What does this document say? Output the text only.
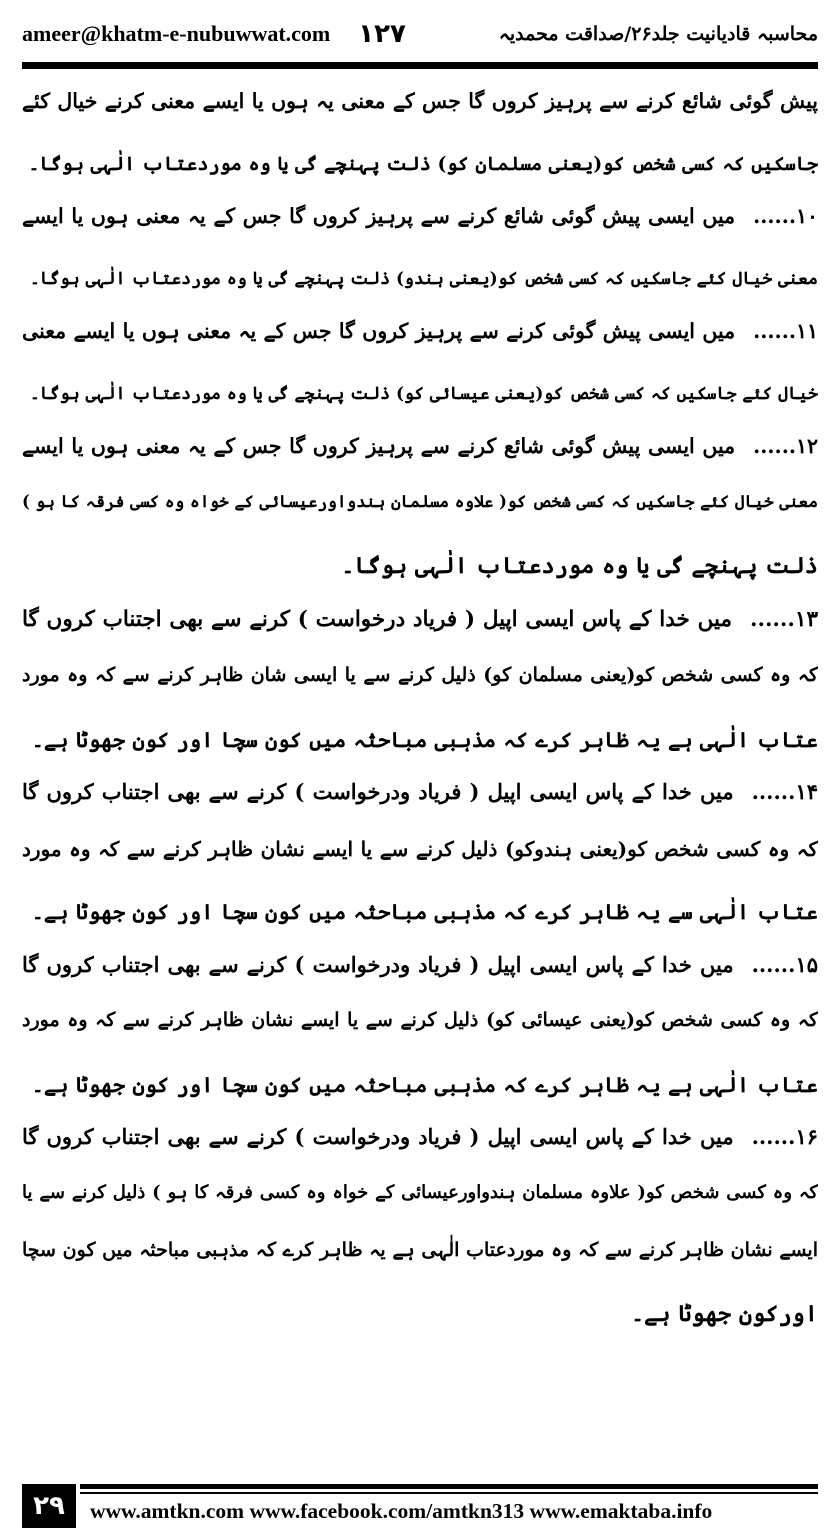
ameer@khatm-e-nubuwwat.com ۱۲۷	محاسبہ قادیانیت جلد۲۶/صداقت محمدیہ
پیش گوئی شائع کرنے سے پرہیز کروں گا جس کے معنی یہ ہوں یا ایسے معنی کرنے خیال کئے
جاسکیں کہ کسی شخص کو(یعنی مسلمان کو) ذلت پہنچے گی یا وہ موردعتاب الٰہی ہوگا۔
۱۰......میں ایسی پیش گوئی شائع کرنے سے پرہیز کروں گا جس کے یہ معنی ہوں یا ایسے
معنی خیال کئے جاسکیں کہ کسی شخص کو(یعنی ہندو) ذلت پہنچے گی یا وہ موردعتاب الٰہی ہوگا۔
۱۱......میں ایسی پیش گوئی کرنے سے پرہیز کروں گا جس کے یہ معنی ہوں یا ایسے معنی
خیال کئے جاسکیں کہ کسی شخص کو(یعنی عیسائی کو) ذلت پہنچے گی یا وہ موردعتاب الٰہی ہوگا۔
۱۲......میں ایسی پیش گوئی شائع کرنے سے پرہیز کروں گا جس کے یہ معنی ہوں یا ایسے
معنی خیال کئے جاسکیں کہ کسی شخص کو( علاوہ مسلمان ہندواورعیسائی کے خواہ وہ کسی فرقہ کا ہو )
ذلت پہنچے گی یا وہ موردعتاب الٰہی ہوگا۔
۱۳......میں خدا کے پاس ایسی اپیل ( فریاد درخواست ) کرنے سے بھی اجتناب کروں گا
کہ وہ کسی شخص کو(یعنی مسلمان کو) ذلیل کرنے سے یا ایسی شان ظاہر کرنے سے کہ وہ مورد
عتاب الٰہی ہے یہ ظاہر کرے کہ مذہبی مباحثہ میں کون سچا اور کون جھوٹا ہے۔
۱۴......میں خدا کے پاس ایسی اپیل ( فریاد ودرخواست ) کرنے سے بھی اجتناب کروں گا
کہ وہ کسی شخص کو(یعنی ہندوکو) ذلیل کرنے سے یا ایسے نشان ظاہر کرنے سے کہ وہ مورد
عتاب الٰہی سے یہ ظاہر کرے کہ مذہبی مباحثہ میں کون سچا اور کون جھوٹا ہے۔
۱۵......میں خدا کے پاس ایسی اپیل ( فریاد ودرخواست ) کرنے سے بھی اجتناب کروں گا
کہ وہ کسی شخص کو(یعنی عیسائی کو) ذلیل کرنے سے یا ایسے نشان ظاہر کرنے سے کہ وہ مورد
عتاب الٰہی ہے یہ ظاہر کرے کہ مذہبی مباحثہ میں کون سچا اور کون جھوٹا ہے۔
۱۶......میں خدا کے پاس ایسی اپیل ( فریاد ودرخواست ) کرنے سے بھی اجتناب کروں گا
کہ وہ کسی شخص کو( علاوہ مسلمان ہندواورعیسائی کے خواہ وہ کسی فرقہ کا ہو ) ذلیل کرنے سے یا
ایسے نشان ظاہر کرنے سے کہ وہ موردعتاب الٰہی ہے یہ ظاہر کرے کہ مذہبی مباحثہ میں کون سچا
اورکون جھوٹا ہے۔
۲۹	www.amtkn.com www.facebook.com/amtkn313 www.emaktaba.info
